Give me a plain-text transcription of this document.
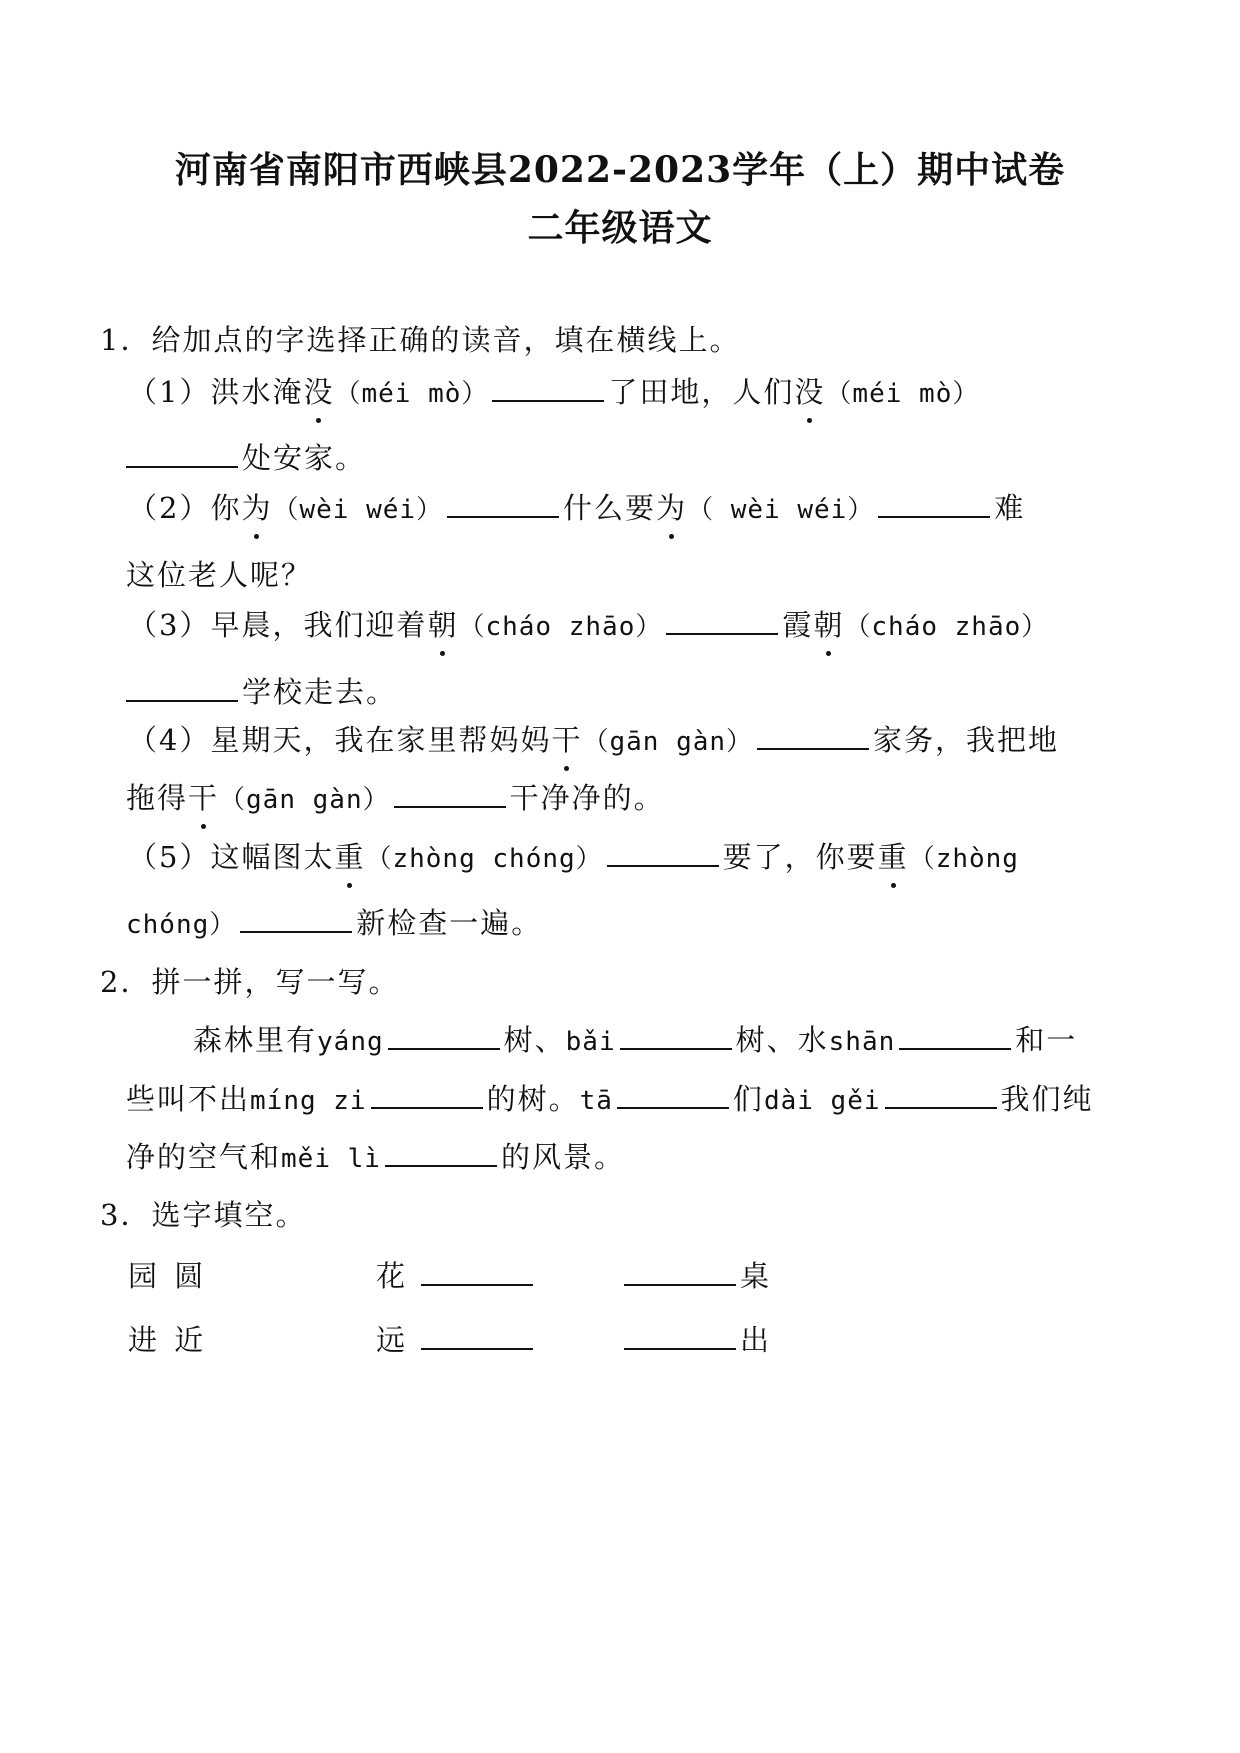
河南省南阳市西峡县2022-2023学年（上）期中试卷
二年级语文
1．给加点的字选择正确的读音，填在横线上。
（1）洪水淹没（méi mò）	了田地，人们没（méi mò）
处安家。
（2）你为（wèi wéi）	什么要为（ wèi wéi）	难
这位老人呢？
（3）早晨，我们迎着朝（cháo zhāo）	霞朝（cháo zhāo）
学校走去。
（4）星期天，我在家里帮妈妈干（gān gàn）	家务，我把地
拖得干（gān gàn）	干净净的。
（5）这幅图太重（zhòng chóng）	要了，你要重（zhòng
chóng）	新检查一遍。
2．拼一拼，写一写。
森林里有yáng	树、bǎi	树、水shān	和一
些叫不出míng zi	的树。tā	们dài gěi	我们纯
净的空气和měi lì	的风景。
3．选字填空。
园 圆	花	桌
进 近	远	出
